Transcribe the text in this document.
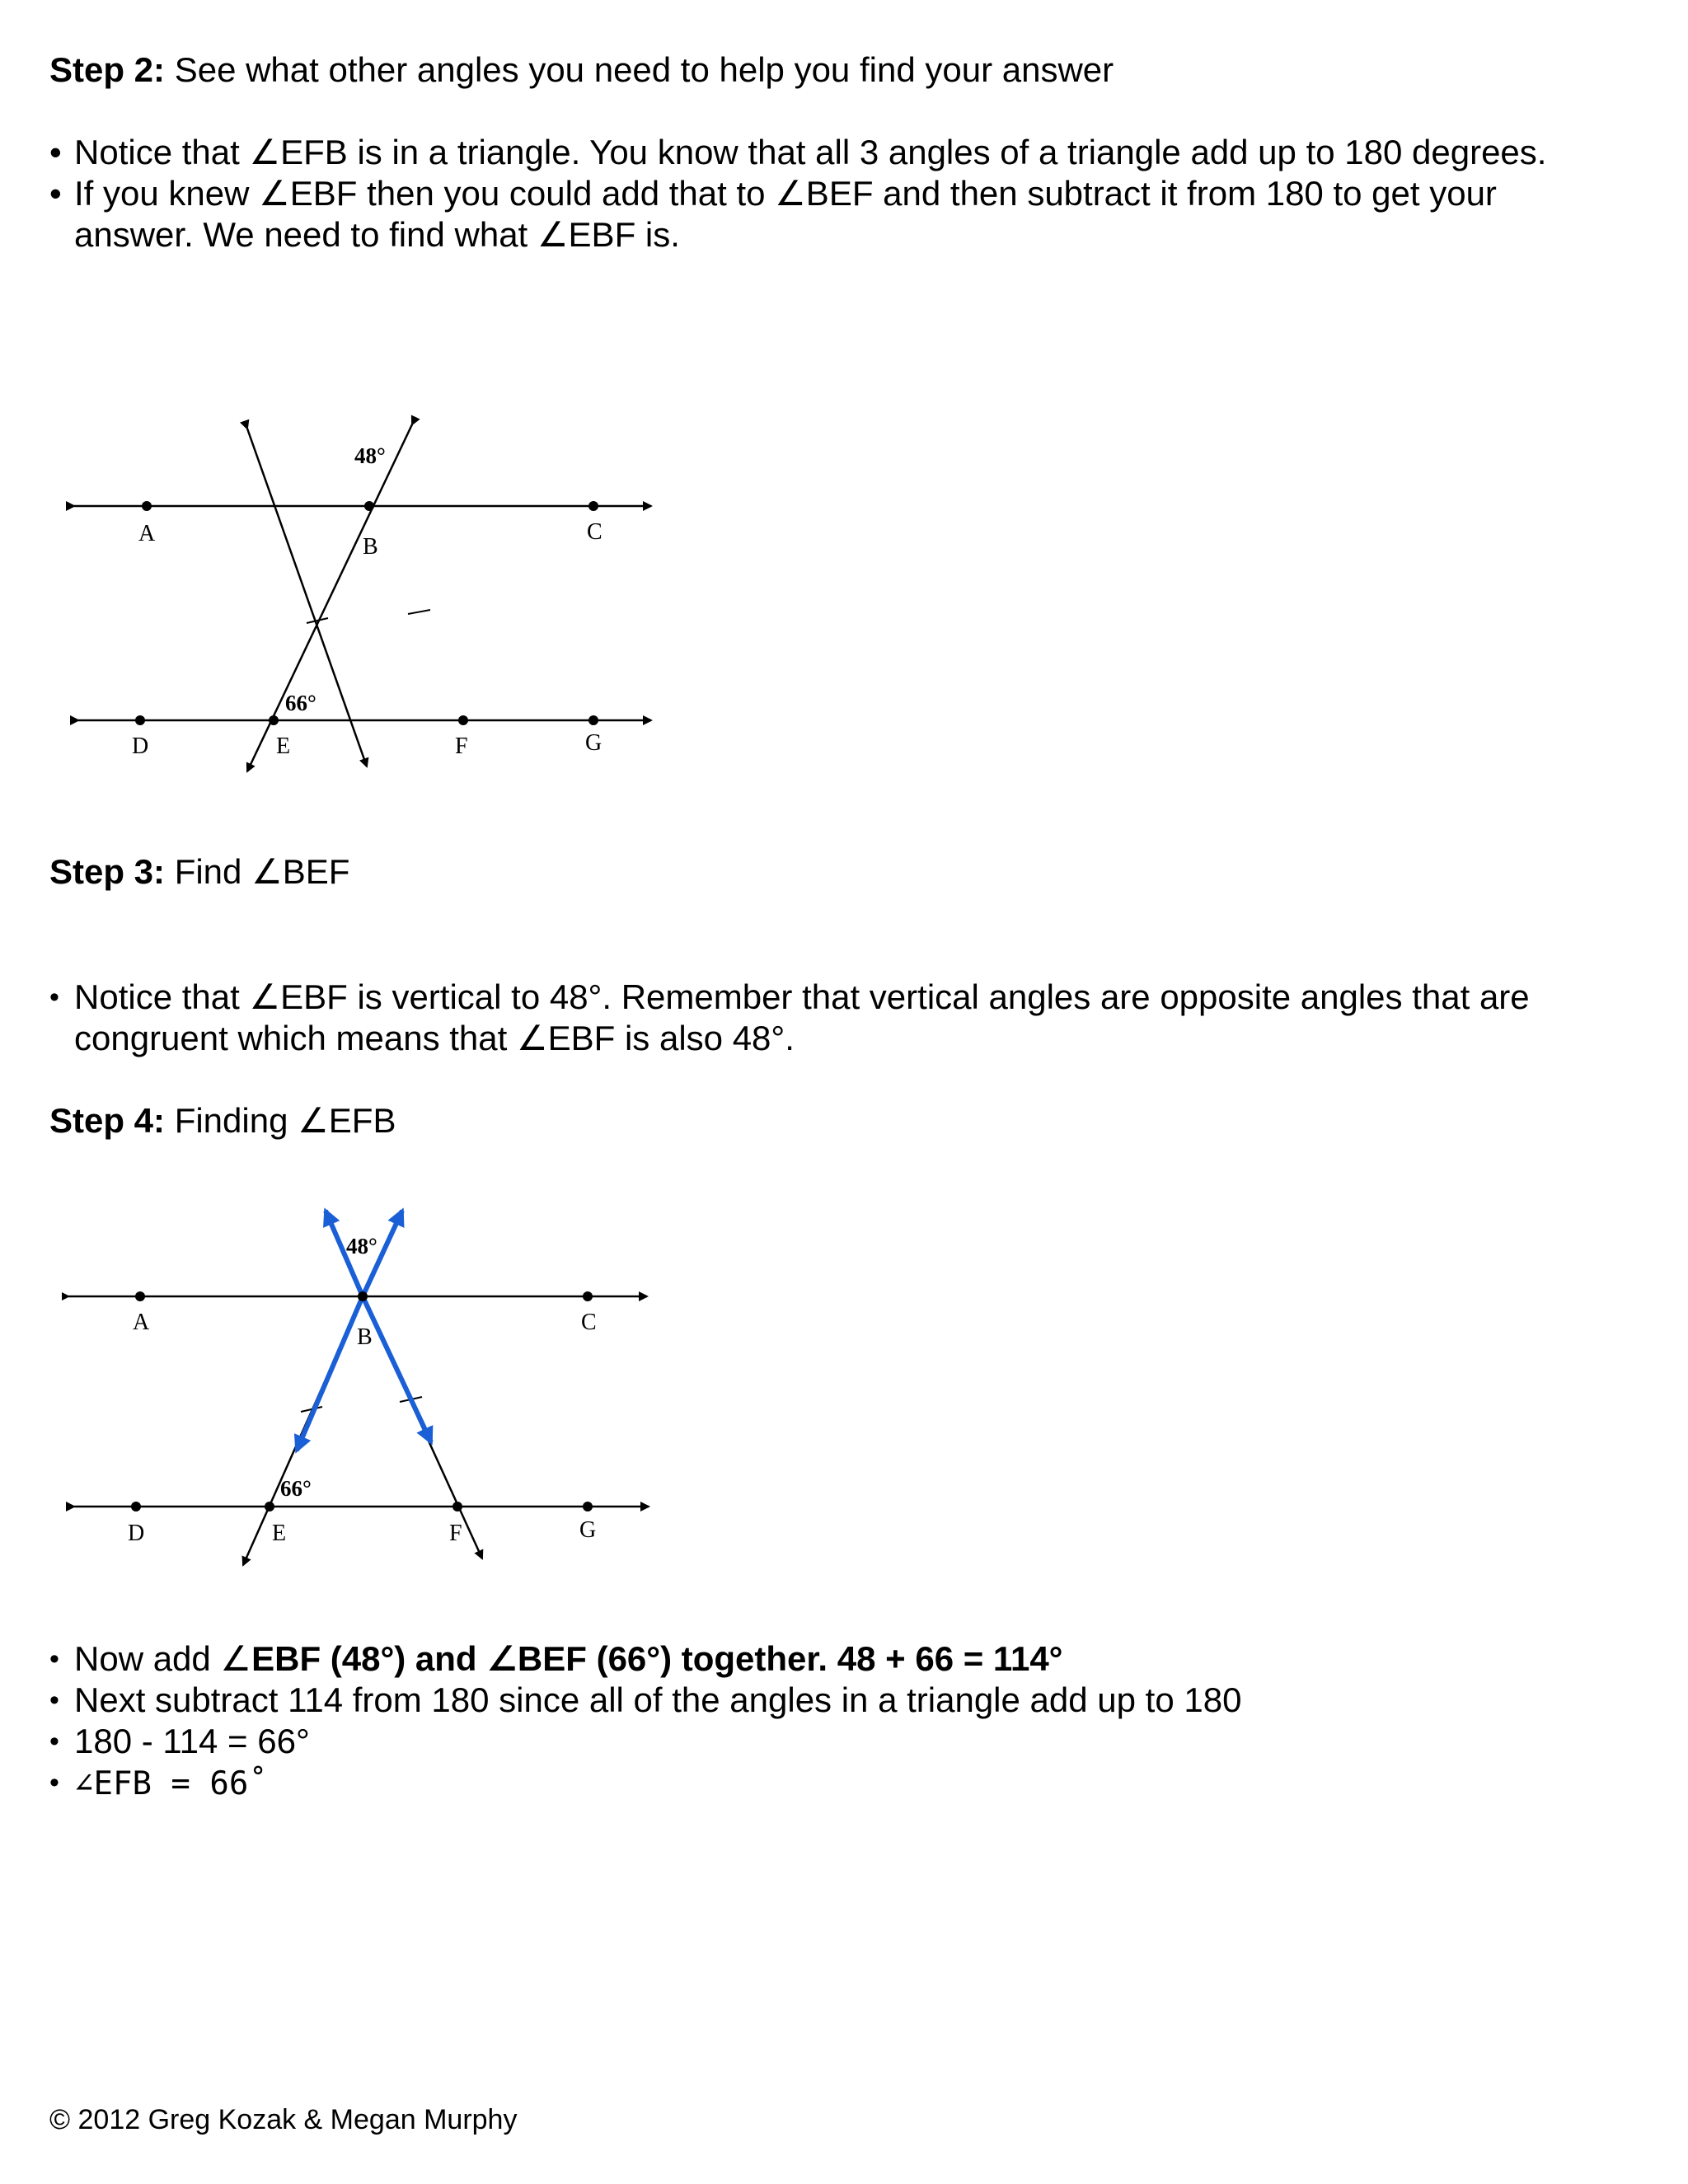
Step 2: See what other angles you need to help you find your answer
• Notice that ∠EFB is in a triangle. You know that all 3 angles of a triangle add up to 180 degrees.
• If you knew ∠EBF then you could add that to ∠BEF and then subtract it from 180 to get your answer. We need to find what ∠EBF is.
A
B
C
D	E	F	G
48°
66°
Step 3: Find ∠BEF
• Notice that ∠EBF is vertical to 48°. Remember that vertical angles are opposite angles that are congruent which means that ∠EBF is also 48°.
Step 4: Finding ∠EFB
A
B
C
D	E	F	G
48°
66°
• Now add ∠EBF (48°) and ∠BEF (66°) together. 48 + 66 = 114°
• Next subtract 114 from 180 since all of the angles in a triangle add up to 180
• 180 - 114 = 66°
• ∠EFB = 66˚
© 2012 Greg Kozak & Megan Murphy
